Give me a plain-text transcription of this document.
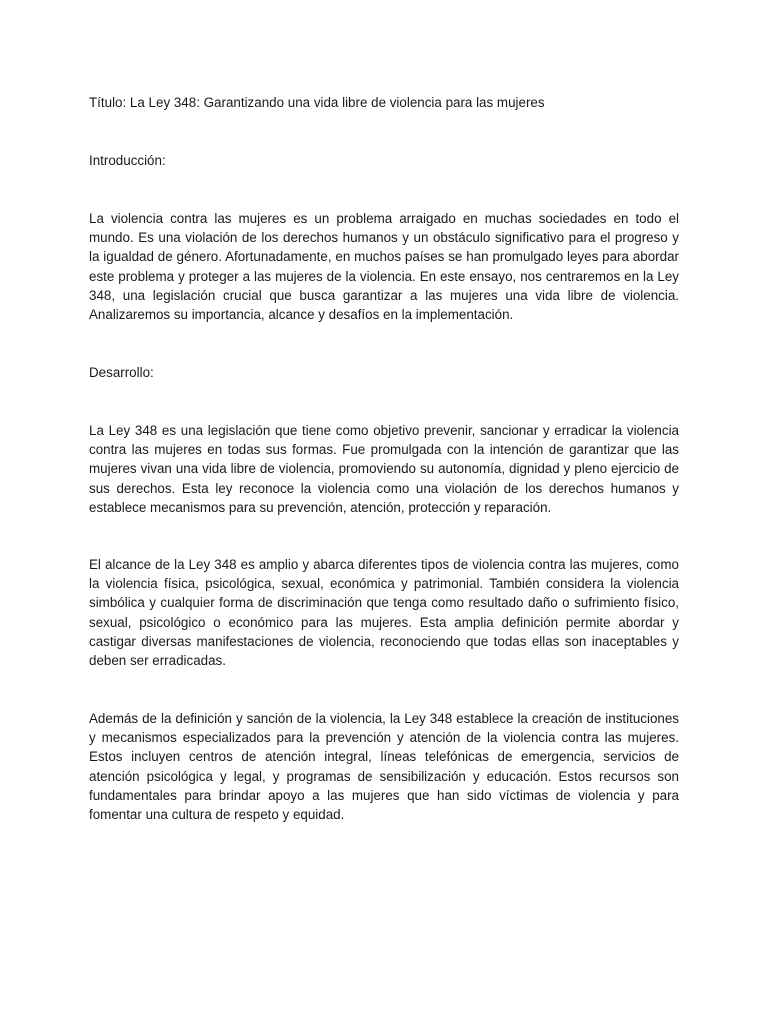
Título: La Ley 348: Garantizando una vida libre de violencia para las mujeres
Introducción:

La violencia contra las mujeres es un problema arraigado en muchas sociedades en todo el mundo. Es una violación de los derechos humanos y un obstáculo significativo para el progreso y la igualdad de género. Afortunadamente, en muchos países se han promulgado leyes para abordar este problema y proteger a las mujeres de la violencia. En este ensayo, nos centraremos en la Ley 348, una legislación crucial que busca garantizar a las mujeres una vida libre de violencia. Analizaremos su importancia, alcance y desafíos en la implementación.

Desarrollo:

La Ley 348 es una legislación que tiene como objetivo prevenir, sancionar y erradicar la violencia contra las mujeres en todas sus formas. Fue promulgada con la intención de garantizar que las mujeres vivan una vida libre de violencia, promoviendo su autonomía, dignidad y pleno ejercicio de sus derechos. Esta ley reconoce la violencia como una violación de los derechos humanos y establece mecanismos para su prevención, atención, protección y reparación.

El alcance de la Ley 348 es amplio y abarca diferentes tipos de violencia contra las mujeres, como la violencia física, psicológica, sexual, económica y patrimonial. También considera la violencia simbólica y cualquier forma de discriminación que tenga como resultado daño o sufrimiento físico, sexual, psicológico o económico para las mujeres. Esta amplia definición permite abordar y castigar diversas manifestaciones de violencia, reconociendo que todas ellas son inaceptables y deben ser erradicadas.

Además de la definición y sanción de la violencia, la Ley 348 establece la creación de instituciones y mecanismos especializados para la prevención y atención de la violencia contra las mujeres. Estos incluyen centros de atención integral, líneas telefónicas de emergencia, servicios de atención psicológica y legal, y programas de sensibilización y educación. Estos recursos son fundamentales para brindar apoyo a las mujeres que han sido víctimas de violencia y para fomentar una cultura de respeto y equidad.
